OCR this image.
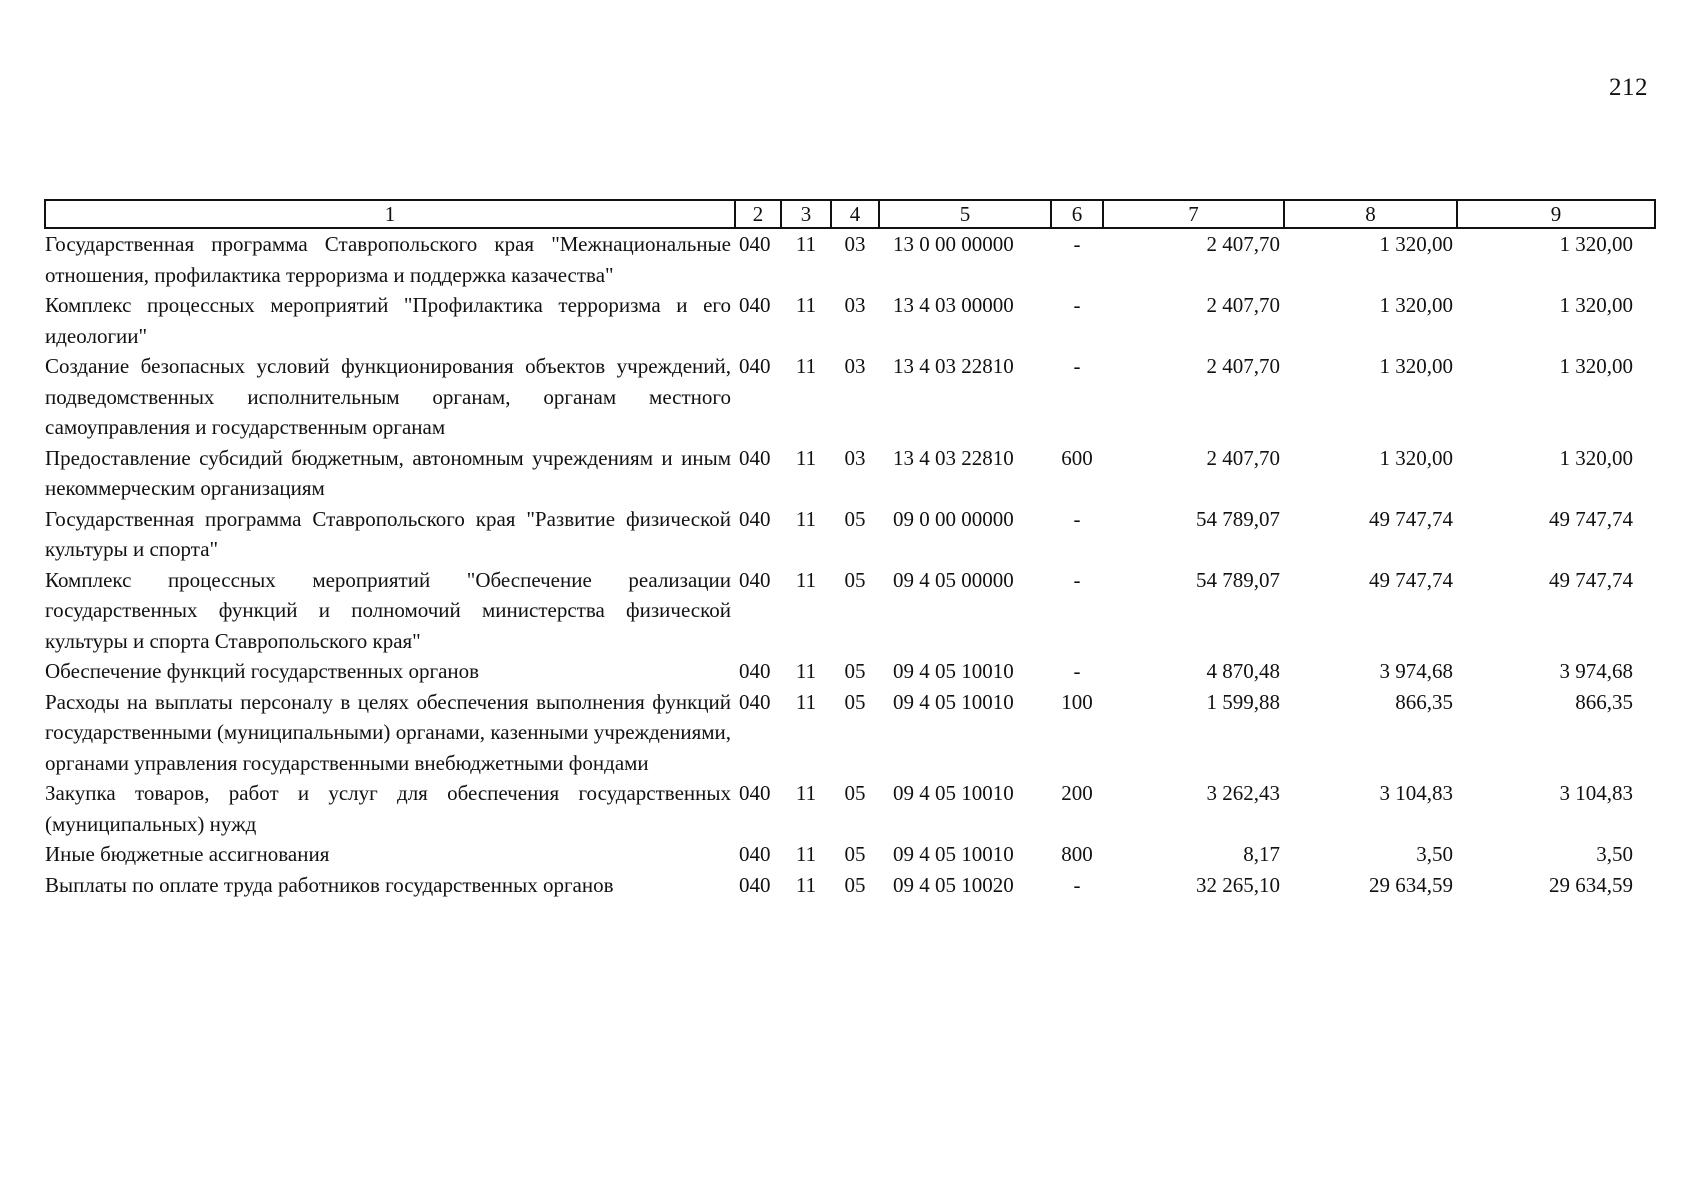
212
1	2	3	4	5	6	7	8	9
Государственная программа Ставропольского края "Межнациональные отношения, профилактика терроризма и поддержка казачества"	040	11	03	13 0 00 00000	-	2 407,70	1 320,00	1 320,00
Комплекс процессных мероприятий "Профилактика терроризма и его идеологии"	040	11	03	13 4 03 00000	-	2 407,70	1 320,00	1 320,00
Создание безопасных условий функционирования объектов учреждений, подведомственных исполнительным органам, органам местного самоуправления и государственным органам	040	11	03	13 4 03 22810	-	2 407,70	1 320,00	1 320,00
Предоставление субсидий бюджетным, автономным учреждениям и иным некоммерческим организациям	040	11	03	13 4 03 22810	600	2 407,70	1 320,00	1 320,00
Государственная программа Ставропольского края "Развитие физической культуры и спорта"	040	11	05	09 0 00 00000	-	54 789,07	49 747,74	49 747,74
Комплекс процессных мероприятий "Обеспечение реализации государственных функций и полномочий министерства физической культуры и спорта Ставропольского края"	040	11	05	09 4 05 00000	-	54 789,07	49 747,74	49 747,74
Обеспечение функций государственных органов	040	11	05	09 4 05 10010	-	4 870,48	3 974,68	3 974,68
Расходы на выплаты персоналу в целях обеспечения выполнения функций государственными (муниципальными) органами, казенными учреждениями, органами управления государственными внебюджетными фондами	040	11	05	09 4 05 10010	100	1 599,88	866,35	866,35
Закупка товаров, работ и услуг для обеспечения государственных (муниципальных) нужд	040	11	05	09 4 05 10010	200	3 262,43	3 104,83	3 104,83
Иные бюджетные ассигнования	040	11	05	09 4 05 10010	800	8,17	3,50	3,50
Выплаты по оплате труда работников государственных органов	040	11	05	09 4 05 10020	-	32 265,10	29 634,59	29 634,59
